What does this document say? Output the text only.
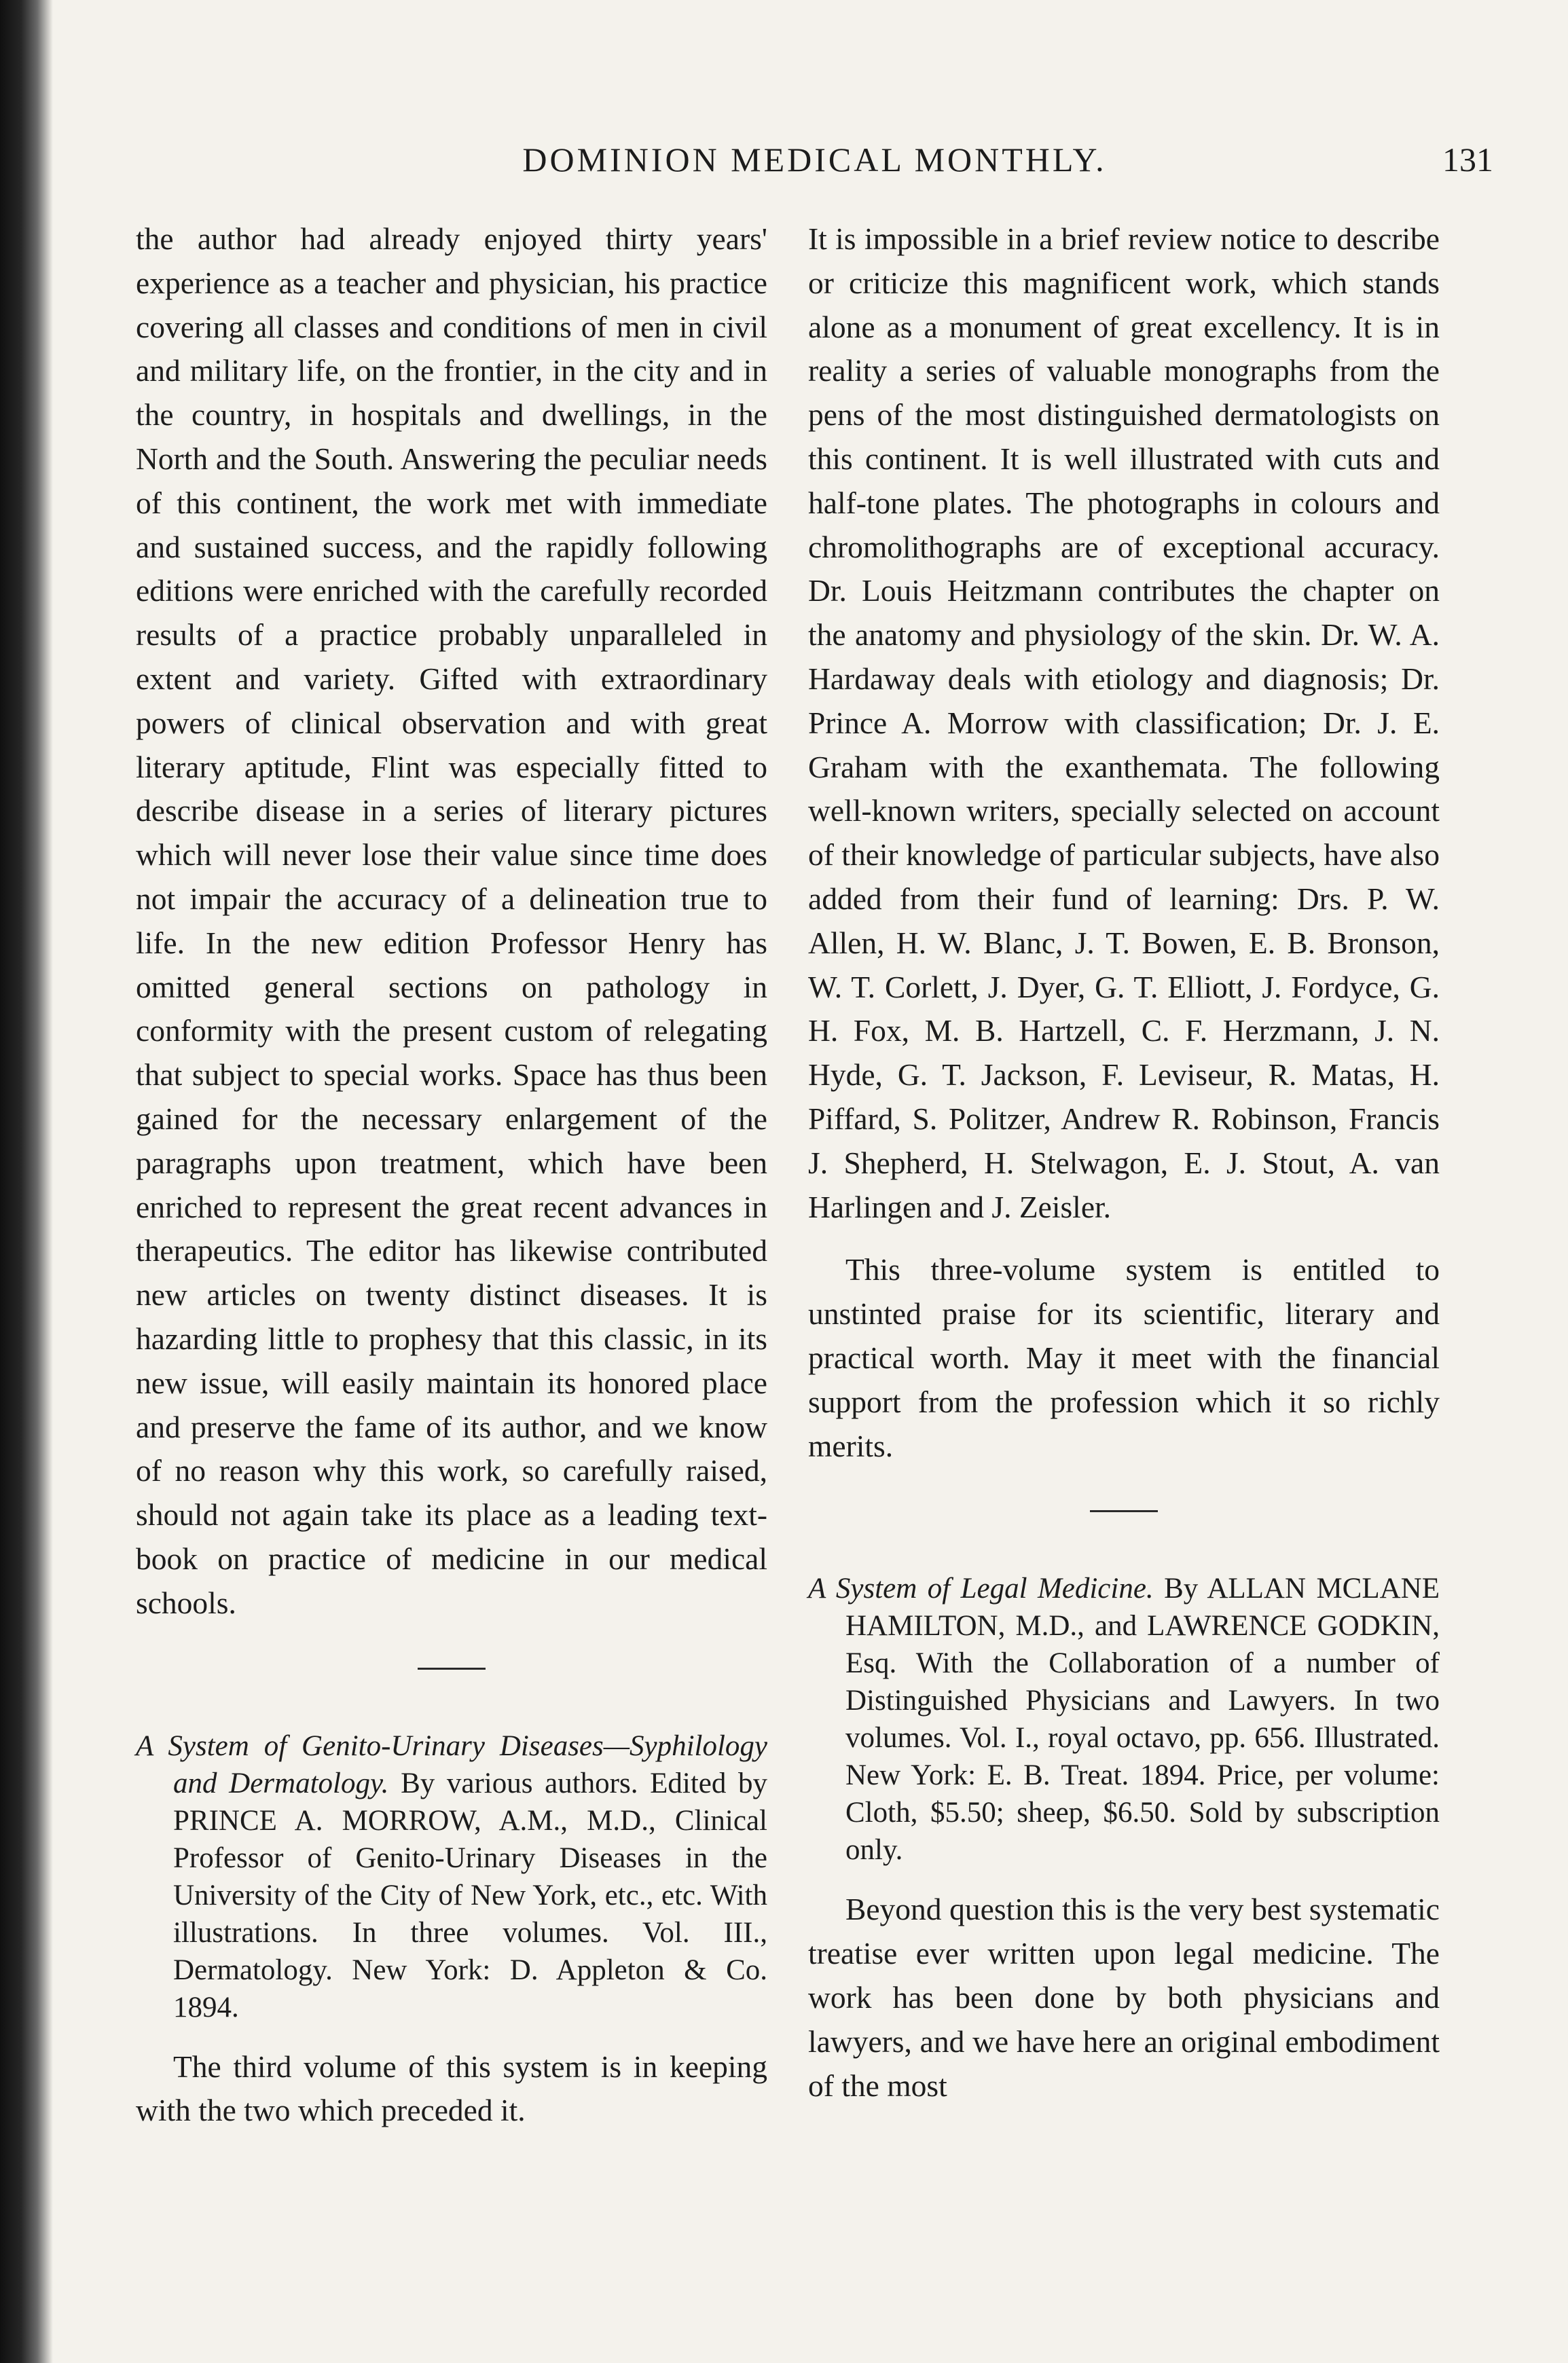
DOMINION MEDICAL MONTHLY.	131

the author had already enjoyed thirty years' experience as a teacher and physician, his practice covering all classes and conditions of men in civil and military life, on the frontier, in the city and in the country, in hospitals and dwellings, in the North and the South. Answering the peculiar needs of this continent, the work met with immediate and sustained success, and the rapidly following editions were enriched with the carefully recorded results of a practice probably unparalleled in extent and variety. Gifted with extraordinary powers of clinical observation and with great literary aptitude, Flint was especially fitted to describe disease in a series of literary pictures which will never lose their value since time does not impair the accuracy of a delineation true to life. In the new edition Professor Henry has omitted general sections on pathology in conformity with the present custom of relegating that subject to special works. Space has thus been gained for the necessary enlargement of the paragraphs upon treatment, which have been enriched to represent the great recent advances in therapeutics. The editor has likewise contributed new articles on twenty distinct diseases. It is hazarding little to prophesy that this classic, in its new issue, will easily maintain its honored place and preserve the fame of its author, and we know of no reason why this work, so carefully raised, should not again take its place as a leading text-book on practice of medicine in our medical schools.

A System of Genito-Urinary Diseases—Syphilology and Dermatology. By various authors. Edited by PRINCE A. MORROW, A.M., M.D., Clinical Professor of Genito-Urinary Diseases in the University of the City of New York, etc., etc. With illustrations. In three volumes. Vol. III., Dermatology. New York: D. Appleton & Co. 1894.

The third volume of this system is in keeping with the two which preceded it.

It is impossible in a brief review notice to describe or criticize this magnificent work, which stands alone as a monument of great excellency. It is in reality a series of valuable monographs from the pens of the most distinguished dermatologists on this continent. It is well illustrated with cuts and half-tone plates. The photographs in colours and chromolithographs are of exceptional accuracy. Dr. Louis Heitzmann contributes the chapter on the anatomy and physiology of the skin. Dr. W. A. Hardaway deals with etiology and diagnosis; Dr. Prince A. Morrow with classification; Dr. J. E. Graham with the exanthemata. The following well-known writers, specially selected on account of their knowledge of particular subjects, have also added from their fund of learning: Drs. P. W. Allen, H. W. Blanc, J. T. Bowen, E. B. Bronson, W. T. Corlett, J. Dyer, G. T. Elliott, J. Fordyce, G. H. Fox, M. B. Hartzell, C. F. Herzmann, J. N. Hyde, G. T. Jackson, F. Leviseur, R. Matas, H. Piffard, S. Politzer, Andrew R. Robinson, Francis J. Shepherd, H. Stelwagon, E. J. Stout, A. van Harlingen and J. Zeisler.

This three-volume system is entitled to unstinted praise for its scientific, literary and practical worth. May it meet with the financial support from the profession which it so richly merits.

A System of Legal Medicine. By ALLAN MCLANE HAMILTON, M.D., and LAWRENCE GODKIN, Esq. With the Collaboration of a number of Distinguished Physicians and Lawyers. In two volumes. Vol. I., royal octavo, pp. 656. Illustrated. New York: E. B. Treat. 1894. Price, per volume: Cloth, $5.50; sheep, $6.50. Sold by subscription only.

Beyond question this is the very best systematic treatise ever written upon legal medicine. The work has been done by both physicians and lawyers, and we have here an original embodiment of the most
